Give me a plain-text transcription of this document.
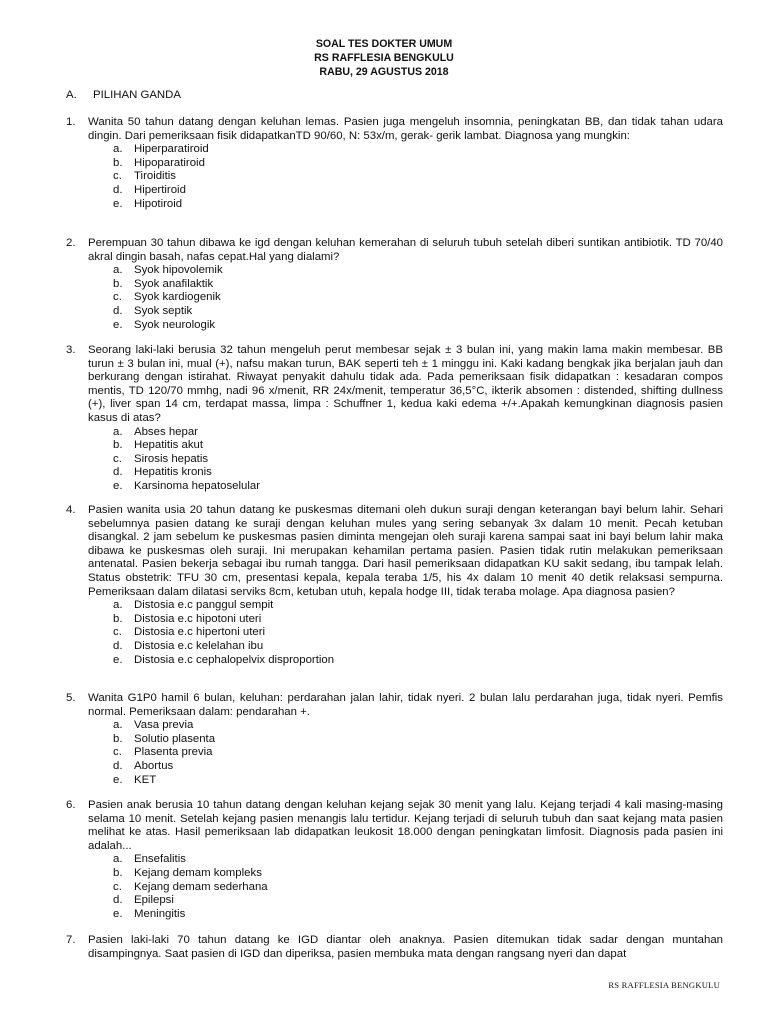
SOAL TES DOKTER UMUM
RS RAFFLESIA BENGKULU
RABU, 29 AGUSTUS 2018
A. PILIHAN GANDA
1.	Wanita 50 tahun datang dengan keluhan lemas. Pasien juga mengeluh insomnia, peningkatan BB, dan tidak tahan udara dingin. Dari pemeriksaan fisik didapatkanTD 90/60, N: 53x/m, gerak- gerik lambat. Diagnosa yang mungkin:
a. Hiperparatiroid
b. Hipoparatiroid
c. Tiroiditis
d. Hipertiroid
e. Hipotiroid
2.	Perempuan 30 tahun dibawa ke igd dengan keluhan kemerahan di seluruh tubuh setelah diberi suntikan antibiotik. TD 70/40 akral dingin basah, nafas cepat.Hal yang dialami?
a. Syok hipovolemik
b. Syok anafilaktik
c. Syok kardiogenik
d. Syok septik
e. Syok neurologik
3.	Seorang laki-laki berusia 32 tahun mengeluh perut membesar sejak ± 3 bulan ini, yang makin lama makin membesar. BB turun ± 3 bulan ini, mual (+), nafsu makan turun, BAK seperti teh ± 1 minggu ini. Kaki kadang bengkak jika berjalan jauh dan berkurang dengan istirahat. Riwayat penyakit dahulu tidak ada. Pada pemeriksaan fisik didapatkan : kesadaran compos mentis, TD 120/70 mmhg, nadi 96 x/menit, RR 24x/menit, temperatur 36,5°C, ikterik absomen : distended, shifting dullness (+), liver span 14 cm, terdapat massa, limpa : Schuffner 1, kedua kaki edema +/+.Apakah kemungkinan diagnosis pasien kasus di atas?
a. Abses hepar
b. Hepatitis akut
c. Sirosis hepatis
d. Hepatitis kronis
e. Karsinoma hepatoselular
4.	Pasien wanita usia 20 tahun datang ke puskesmas ditemani oleh dukun suraji dengan keterangan bayi belum lahir. Sehari sebelumnya pasien datang ke suraji dengan keluhan mules yang sering sebanyak 3x dalam 10 menit. Pecah ketuban disangkal. 2 jam sebelum ke puskesmas pasien diminta mengejan oleh suraji karena sampai saat ini bayi belum lahir maka dibawa ke puskesmas oleh suraji. Ini merupakan kehamilan pertama pasien. Pasien tidak rutin melakukan pemeriksaan antenatal. Pasien bekerja sebagai ibu rumah tangga. Dari hasil pemeriksaan didapatkan KU sakit sedang, ibu tampak lelah. Status obstetrik: TFU 30 cm, presentasi kepala, kepala teraba 1/5, his 4x dalam 10 menit 40 detik relaksasi sempurna. Pemeriksaan dalam dilatasi serviks 8cm, ketuban utuh, kepala hodge III, tidak teraba molage. Apa diagnosa pasien?
a. Distosia e.c panggul sempit
b. Distosia e.c hipotoni uteri
c. Distosia e.c hipertoni uteri
d. Distosia e.c kelelahan ibu
e. Distosia e.c cephalopelvix disproportion
5.	Wanita G1P0 hamil 6 bulan, keluhan: perdarahan jalan lahir, tidak nyeri. 2 bulan lalu perdarahan juga, tidak nyeri. Pemfis normal. Pemeriksaan dalam: pendarahan +.
a. Vasa previa
b. Solutio plasenta
c. Plasenta previa
d. Abortus
e. KET
6.	Pasien anak berusia 10 tahun datang dengan keluhan kejang sejak 30 menit yang lalu. Kejang terjadi 4 kali masing-masing selama 10 menit. Setelah kejang pasien menangis lalu tertidur. Kejang terjadi di seluruh tubuh dan saat kejang mata pasien melihat ke atas. Hasil pemeriksaan lab didapatkan leukosit 18.000 dengan peningkatan limfosit. Diagnosis pada pasien ini adalah...
a. Ensefalitis
b. Kejang demam kompleks
c. Kejang demam sederhana
d. Epilepsi
e. Meningitis
7.	Pasien laki-laki 70 tahun datang ke IGD diantar oleh anaknya. Pasien ditemukan tidak sadar dengan muntahan disampingnya. Saat pasien di IGD dan diperiksa, pasien membuka mata dengan rangsang nyeri dan dapat
RS RAFFLESIA BENGKULU
